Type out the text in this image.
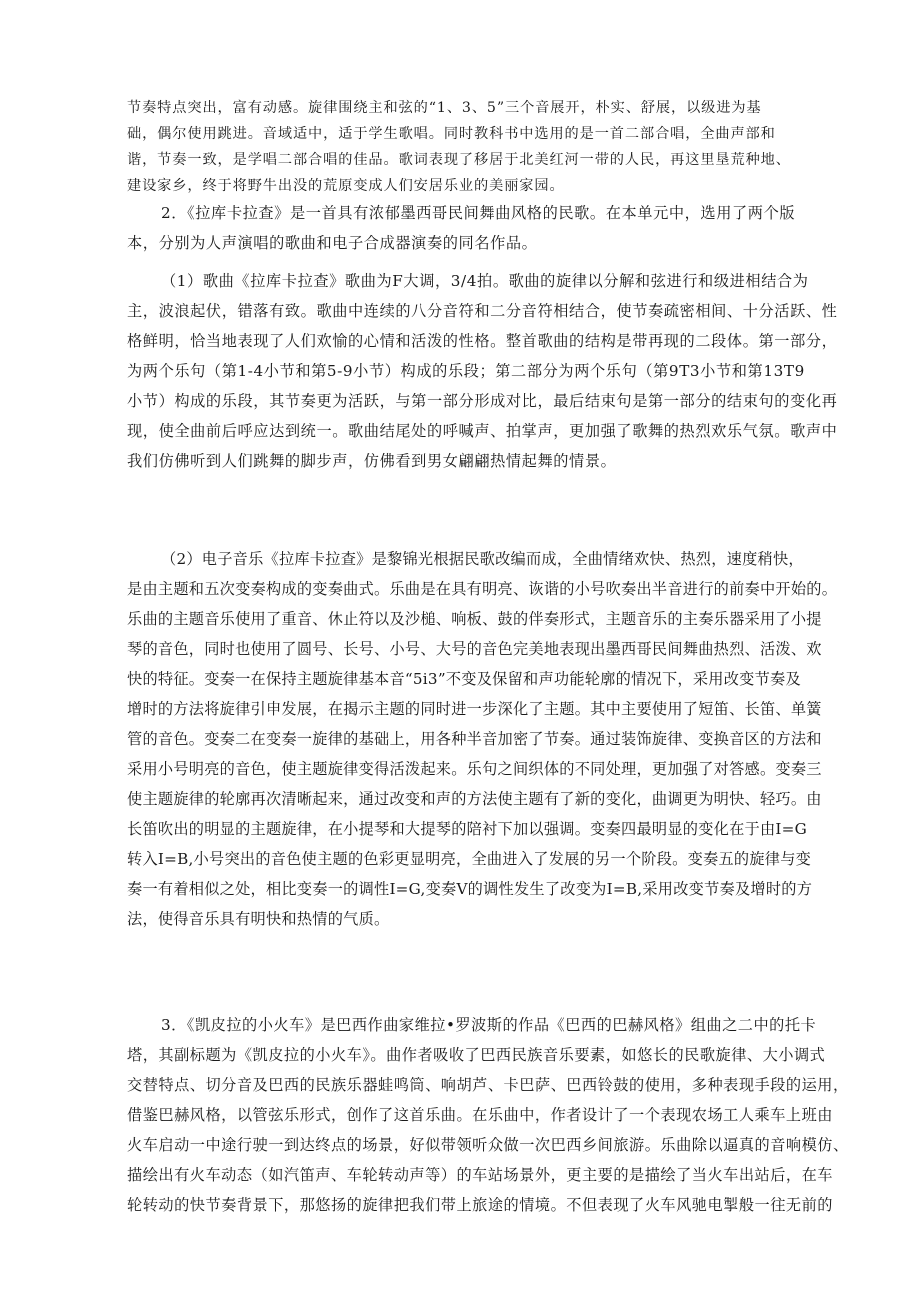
节奏特点突出，富有动感。旋律围绕主和弦的“1、3、5”三个音展开，朴实、舒展，以级进为基
础，偶尔使用跳进。音域适中，适于学生歌唱。同时教科书中选用的是一首二部合唱，全曲声部和
谐，节奏一致，是学唱二部合唱的佳品。歌词表现了移居于北美红河一带的人民，再这里垦荒种地、
建设家乡，终于将野牛出没的荒原变成人们安居乐业的美丽家园。

2．《拉库卡拉查》是一首具有浓郁墨西哥民间舞曲风格的民歌。在本单元中，选用了两个版
本，分别为人声演唱的歌曲和电子合成器演奏的同名作品。

（1）歌曲《拉库卡拉查》歌曲为F大调，3/4拍。歌曲的旋律以分解和弦进行和级进相结合为
主，波浪起伏，错落有致。歌曲中连续的八分音符和二分音符相结合，使节奏疏密相间、十分活跃、性
格鲜明，恰当地表现了人们欢愉的心情和活泼的性格。整首歌曲的结构是带再现的二段体。第一部分，
为两个乐句（第1-4小节和第5-9小节）构成的乐段；第二部分为两个乐句（第9T3小节和第13T9
小节）构成的乐段，其节奏更为活跃，与第一部分形成对比，最后结束句是第一部分的结束句的变化再
现，使全曲前后呼应达到统一。歌曲结尾处的呼喊声、拍掌声，更加强了歌舞的热烈欢乐气氛。歌声中
我们仿佛听到人们跳舞的脚步声，仿佛看到男女翩翩热情起舞的情景。

（2）电子音乐《拉库卡拉查》是黎锦光根据民歌改编而成，全曲情绪欢快、热烈，速度稍快，
是由主题和五次变奏构成的变奏曲式。乐曲是在具有明亮、诙谐的小号吹奏出半音进行的前奏中开始的。
乐曲的主题音乐使用了重音、休止符以及沙槌、响板、鼓的伴奏形式，主题音乐的主奏乐器采用了小提
琴的音色，同时也使用了圆号、长号、小号、大号的音色完美地表现出墨西哥民间舞曲热烈、活泼、欢
快的特征。变奏一在保持主题旋律基本音“5i3”不变及保留和声功能轮廓的情况下，采用改变节奏及
增时的方法将旋律引申发展，在揭示主题的同时进一步深化了主题。其中主要使用了短笛、长笛、单簧
管的音色。变奏二在变奏一旋律的基础上，用各种半音加密了节奏。通过装饰旋律、变换音区的方法和
采用小号明亮的音色，使主题旋律变得活泼起来。乐句之间织体的不同处理，更加强了对答感。变奏三
使主题旋律的轮廓再次清晰起来，通过改变和声的方法使主题有了新的变化，曲调更为明快、轻巧。由
长笛吹出的明显的主题旋律，在小提琴和大提琴的陪衬下加以强调。变奏四最明显的变化在于由I=G
转入I=B,小号突出的音色使主题的色彩更显明亮，全曲进入了发展的另一个阶段。变奏五的旋律与变
奏一有着相似之处，相比变奏一的调性I=G,变奏V的调性发生了改变为I=B,采用改变节奏及增时的方
法，使得音乐具有明快和热情的气质。

3．《凯皮拉的小火车》是巴西作曲家维拉•罗波斯的作品《巴西的巴赫风格》组曲之二中的托卡
塔，其副标题为《凯皮拉的小火车》。曲作者吸收了巴西民族音乐要素，如悠长的民歌旋律、大小调式
交替特点、切分音及巴西的民族乐器蛙鸣筒、响胡芦、卡巴萨、巴西铃鼓的使用，多种表现手段的运用，
借鉴巴赫风格，以管弦乐形式，创作了这首乐曲。在乐曲中，作者设计了一个表现农场工人乘车上班由
火车启动一中途行驶一到达终点的场景，好似带领听众做一次巴西乡间旅游。乐曲除以逼真的音响模仿、
描绘出有火车动态（如汽笛声、车轮转动声等）的车站场景外，更主要的是描绘了当火车出站后，在车
轮转动的快节奏背景下，那悠扬的旋律把我们带上旅途的情境。不但表现了火车风驰电掣般一往无前的
